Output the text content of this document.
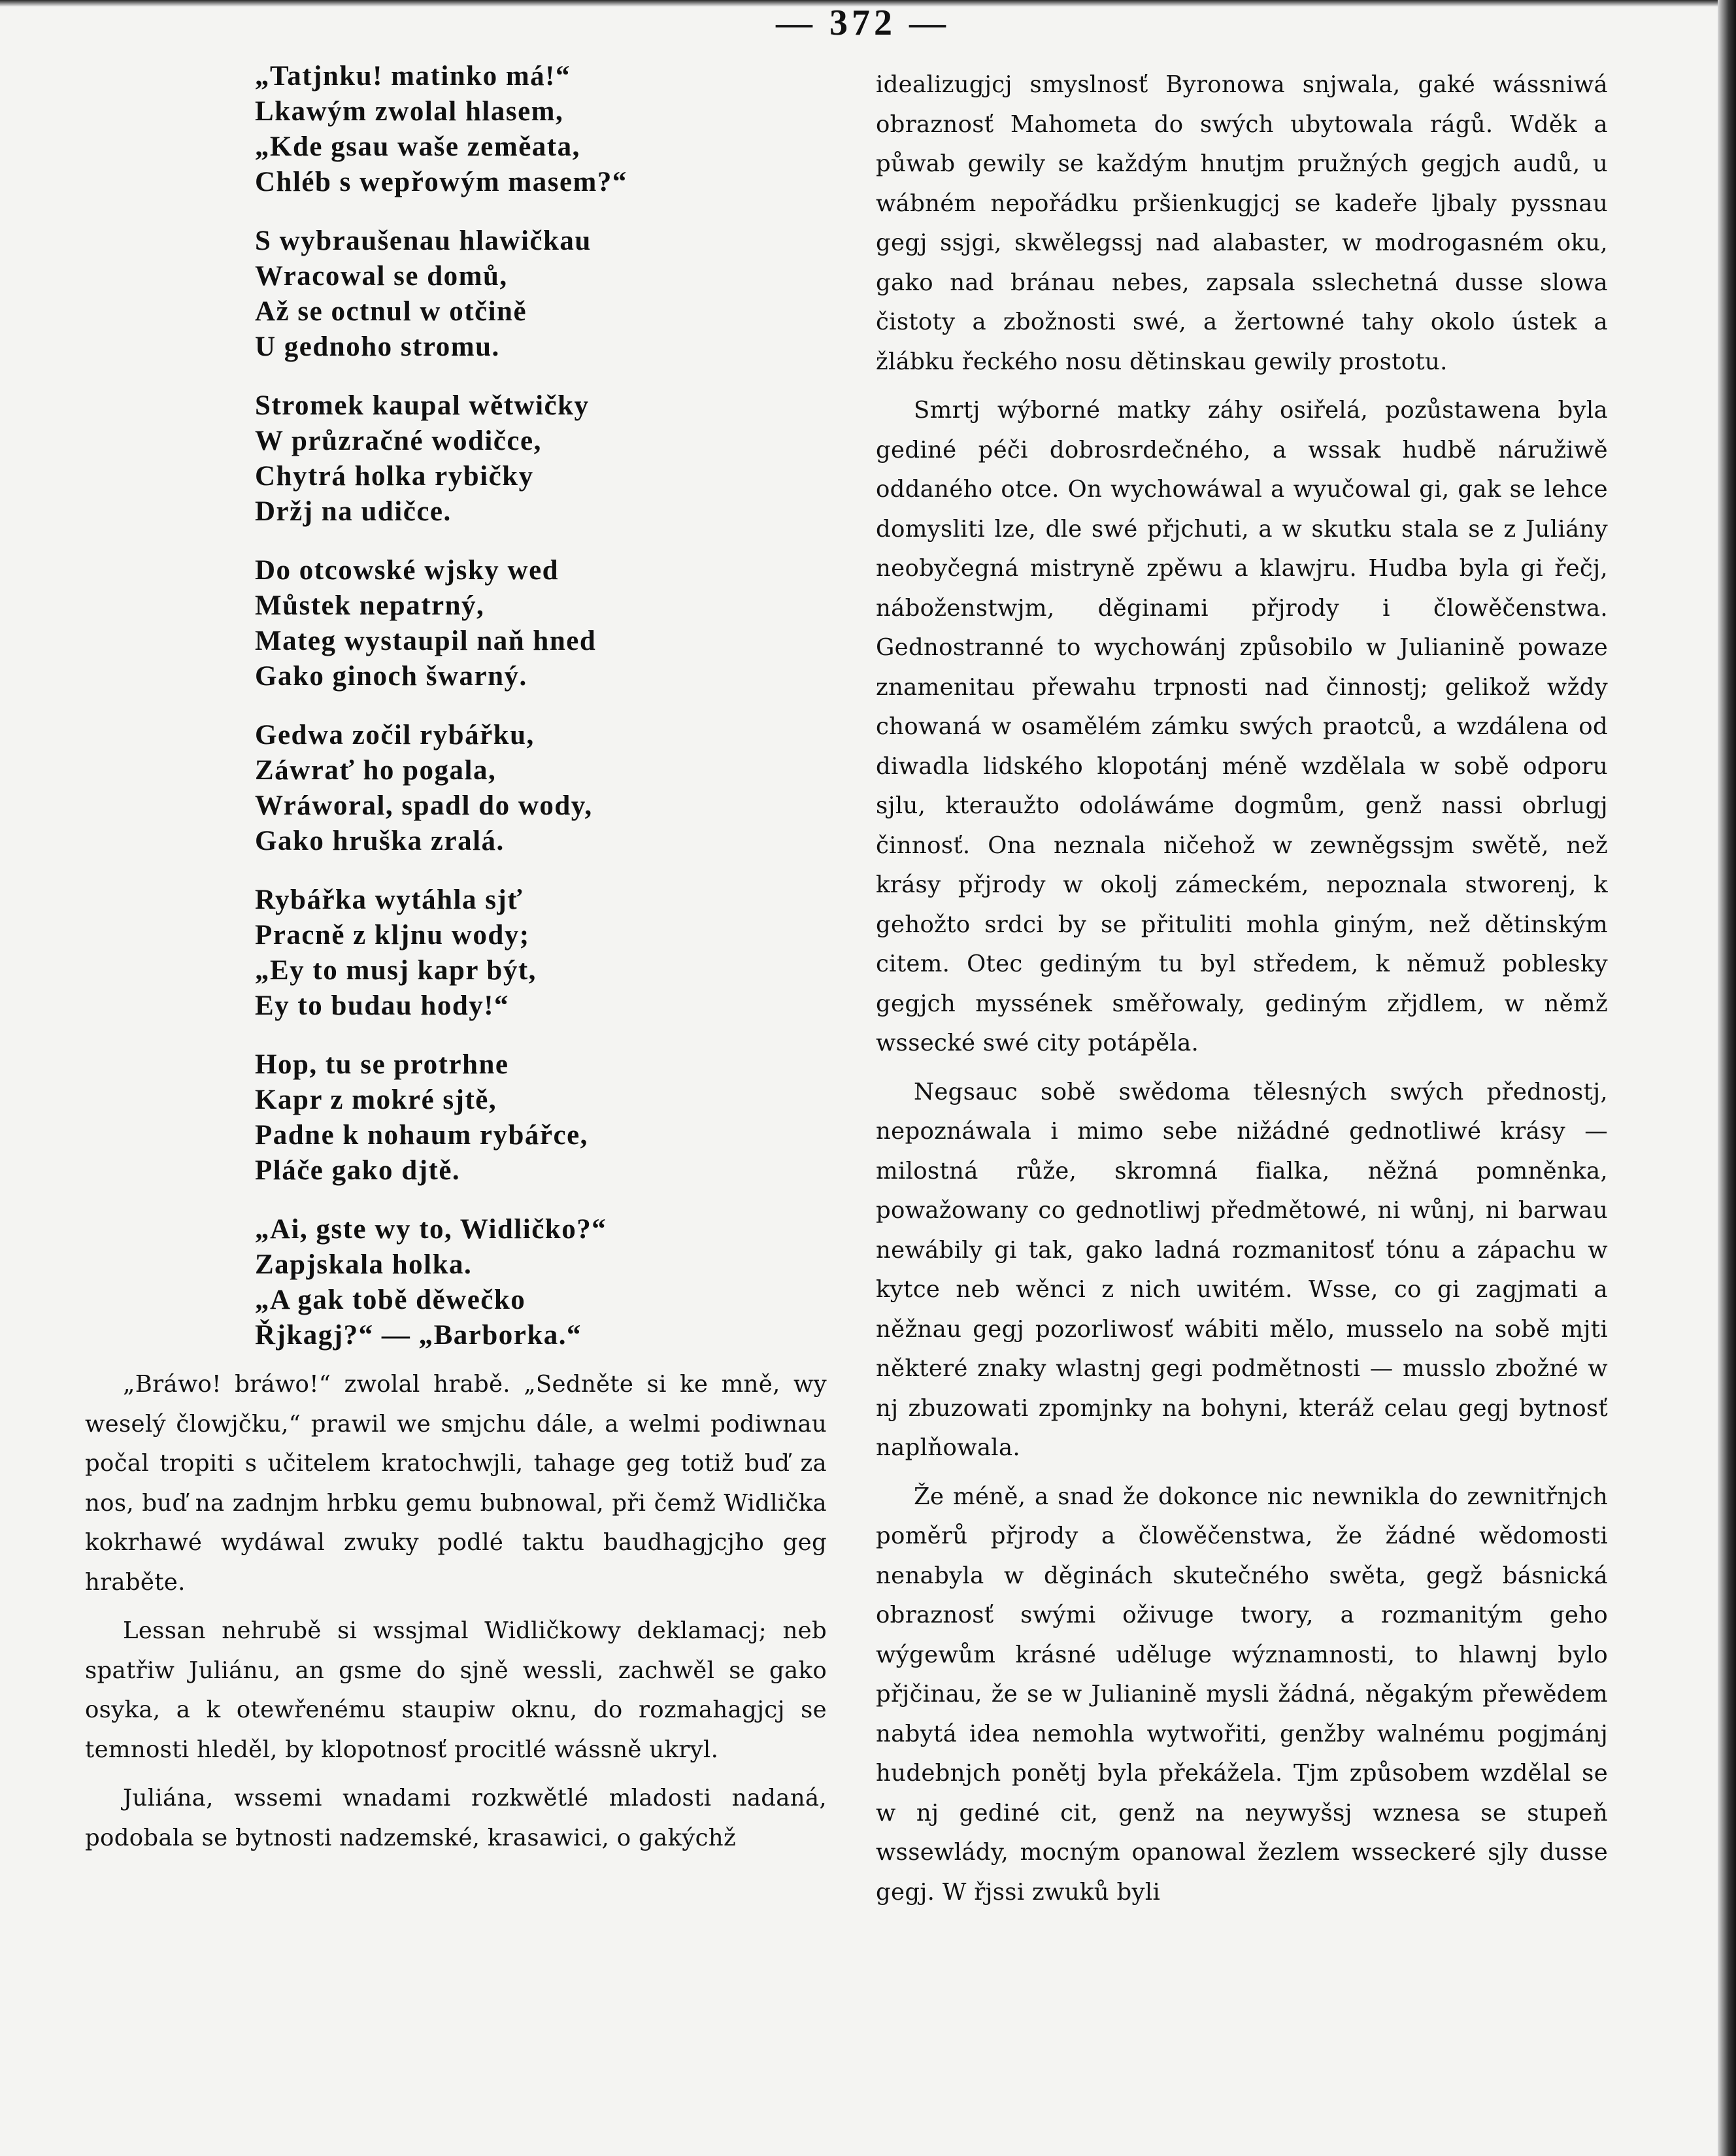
— 372 —
„Tatjnku! matinko má!“
Lkawým zwolal hlasem,
„Kde gsau waše zeměata,
Chléb s wepřowým masem?“
S wybraušenau hlawičkau
Wracowal se domů,
Až se octnul w otčině
U gednoho stromu.
Stromek kaupal wětwičky
W průzračné wodičce,
Chytrá holka rybičky
Držj na udičce.
Do otcowské wjsky wed
Můstek nepatrný,
Mateg wystaupil naň hned
Gako ginoch šwarný.
Gedwa zočil rybářku,
Záwrať ho pogala,
Wráworal, spadl do wody,
Gako hruška zralá.
Rybářka wytáhla sjť
Pracně z kljnu wody;
„Ey to musj kapr být,
Ey to budau hody!“
Hop, tu se protrhne
Kapr z mokré sjtě,
Padne k nohaum rybářce,
Pláče gako djtě.
„Ai, gste wy to, Widličko?“
Zapjskala holka.
„A gak tobě děwečko
Řjkagj?“ — „Barborka.“

„Bráwo! bráwo!“ zwolal hrabě. „Sedněte si ke mně, wy weselý člowjčku,“ prawil we smjchu dále, a welmi podiwnau počal tropiti s učitelem kratochwjli, tahage geg totiž buď za nos, buď na zadnjm hrbku gemu bubnowal, při čemž Widlička kokrhawé wydáwal zwuky podlé taktu baudhagjcjho geg hraběte.

Lessan nehrubě si wssjmal Widličkowy deklamacj; neb spatřiw Juliánu, an gsme do sjně wessli, zachwěl se gako osyka, a k otewřenému staupiw oknu, do rozmahagjcj se temnosti hleděl, by klopotnosť procitlé wássně ukryl.

Juliána, wssemi wnadami rozkwětlé mladosti nadaná, podobala se bytnosti nadzemské, krasawici, o gakýchž

idealizugjcj smyslnosť Byronowa snjwala, gaké wássniwá obraznosť Mahometa do swých ubytowala rágů. Wděk a půwab gewily se každým hnutjm pružných gegjch audů, u wábném nepořádku pršienkugjcj se kadeře ljbaly pyssnau gegj ssjgi, skwělegssj nad alabaster, w modrogasném oku, gako nad bránau nebes, zapsala sslechetná dusse slowa čistoty a zbožnosti swé, a žertowné tahy okolo ústek a žlábku řeckého nosu dětinskau gewily prostotu.

Smrtj wýborné matky záhy osiřelá, pozůstawena byla gediné péči dobrosrdečného, a wssak hudbě náružiwě oddaného otce. On wychowáwal a wyučowal gi, gak se lehce domysliti lze, dle swé přjchuti, a w skutku stala se z Juliány neobyčegná mistryně zpěwu a klawjru. Hudba byla gi řečj, náboženstwjm, děginami přjrody i člowěčenstwa. Gednostranné to wychowánj způsobilo w Julianině powaze znamenitau přewahu trpnosti nad činnostj; gelikož wždy chowaná w osamělém zámku swých praotců, a wzdálena od diwadla lidského klopotánj méně wzdělala w sobě odporu sjlu, kteraužto odoláwáme dogmům, genž nassi obrlugj činnosť. Ona neznala ničehož w zewněgssjm swětě, než krásy přjrody w okolj zámeckém, nepoznala stworenj, k gehožto srdci by se přituliti mohla giným, než dětinským citem. Otec gediným tu byl středem, k němuž poblesky gegjch myssének směřowaly, gediným zřjdlem, w němž wssecké swé city potápěla.

Negsauc sobě swědoma tělesných swých přednostj, nepoznáwala i mimo sebe nižádné gednotliwé krásy — milostná růže, skromná fialka, něžná pomněnka, powažowany co gednotliwj předmětowé, ni wůnj, ni barwau newábily gi tak, gako ladná rozmanitosť tónu a zápachu w kytce neb wěnci z nich uwitém. Wsse, co gi zagjmati a něžnau gegj pozorliwosť wábiti mělo, musselo na sobě mjti některé znaky wlastnj gegi podmětnosti — musslo zbožné w nj zbuzowati zpomjnky na bohyni, kteráž celau gegj bytnosť naplňowala.

Že méně, a snad že dokonce nic newnikla do zewnitřnjch poměrů přjrody a člowěčenstwa, že žádné wědomosti nenabyla w děginách skutečného swěta, gegž básnická obraznosť swými oživuge twory, a rozmanitým geho wýgewům krásné uděluge wýznamnosti, to hlawnj bylo přjčinau, že se w Julianině mysli žádná, něgakým přewědem nabytá idea nemohla wytwořiti, genžby walnému pogjmánj hudebnjch ponětj byla překážela. Tjm způsobem wzdělal se w nj gediné cit, genž na neywyšsj wznesa se stupeň wssewlády, mocným opanowal žezlem wsseckeré sjly dusse gegj. W řjssi zwuků byli
